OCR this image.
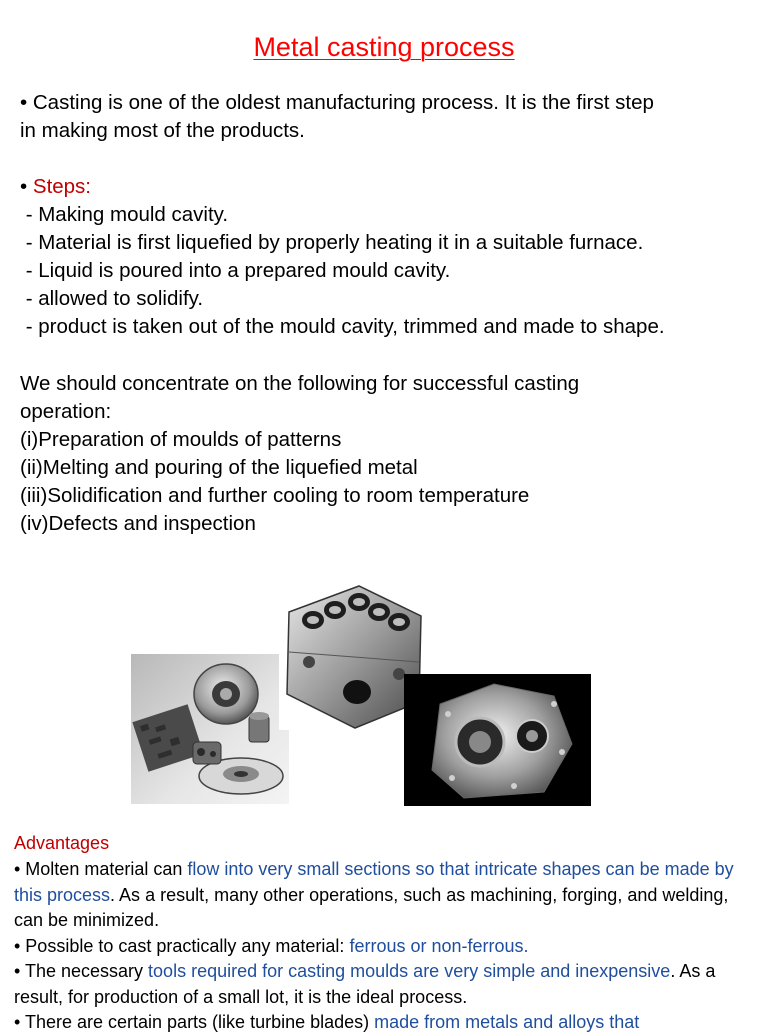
Metal casting process

• Casting is one of the oldest manufacturing process. It is the first step

in making most of the products.

• Steps:

- Making mould cavity.

- Material is first liquefied by properly heating it in a suitable furnace.

- Liquid is poured into a prepared mould cavity.

- allowed to solidify.

- product is taken out of the mould cavity, trimmed and made to shape.

We should concentrate on the following for successful casting

operation:

(i)Preparation of moulds of patterns

(ii)Melting and pouring of the liquefied metal

(iii)Solidification and further cooling to room temperature

(iv)Defects and inspection

Advantages

• Molten material can flow into very small sections so that intricate shapes can be made by this process. As a result, many other operations, such as machining, forging, and welding, can be minimized.

• Possible to cast practically any material: ferrous or non-ferrous.

• The necessary tools required for casting moulds are very simple and inexpensive. As a result, for production of a small lot, it is the ideal process.

• There are certain parts (like turbine blades) made from metals and alloys that
